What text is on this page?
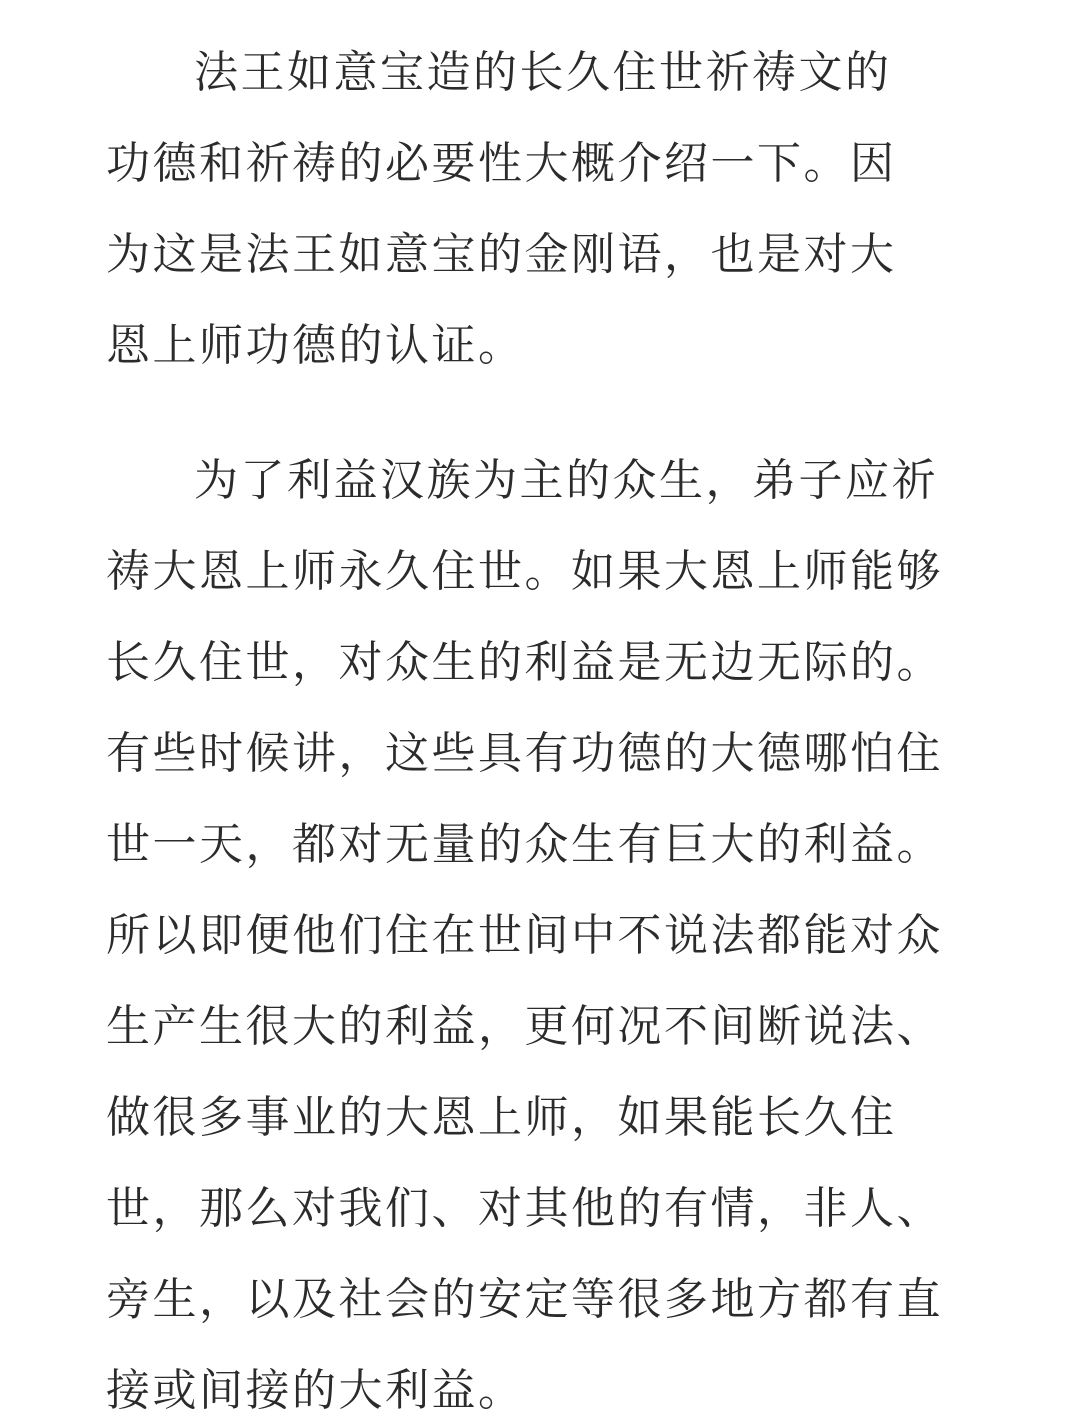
法王如意宝造的长久住世祈祷文的
功德和祈祷的必要性大概介绍一下。因
为这是法王如意宝的金刚语，也是对大
恩上师功德的认证。
为了利益汉族为主的众生，弟子应祈
祷大恩上师永久住世。如果大恩上师能够
长久住世，对众生的利益是无边无际的。
有些时候讲，这些具有功德的大德哪怕住
世一天，都对无量的众生有巨大的利益。
所以即便他们住在世间中不说法都能对众
生产生很大的利益，更何况不间断说法、
做很多事业的大恩上师，如果能长久住
世，那么对我们、对其他的有情，非人、
旁生，以及社会的安定等很多地方都有直
接或间接的大利益。
